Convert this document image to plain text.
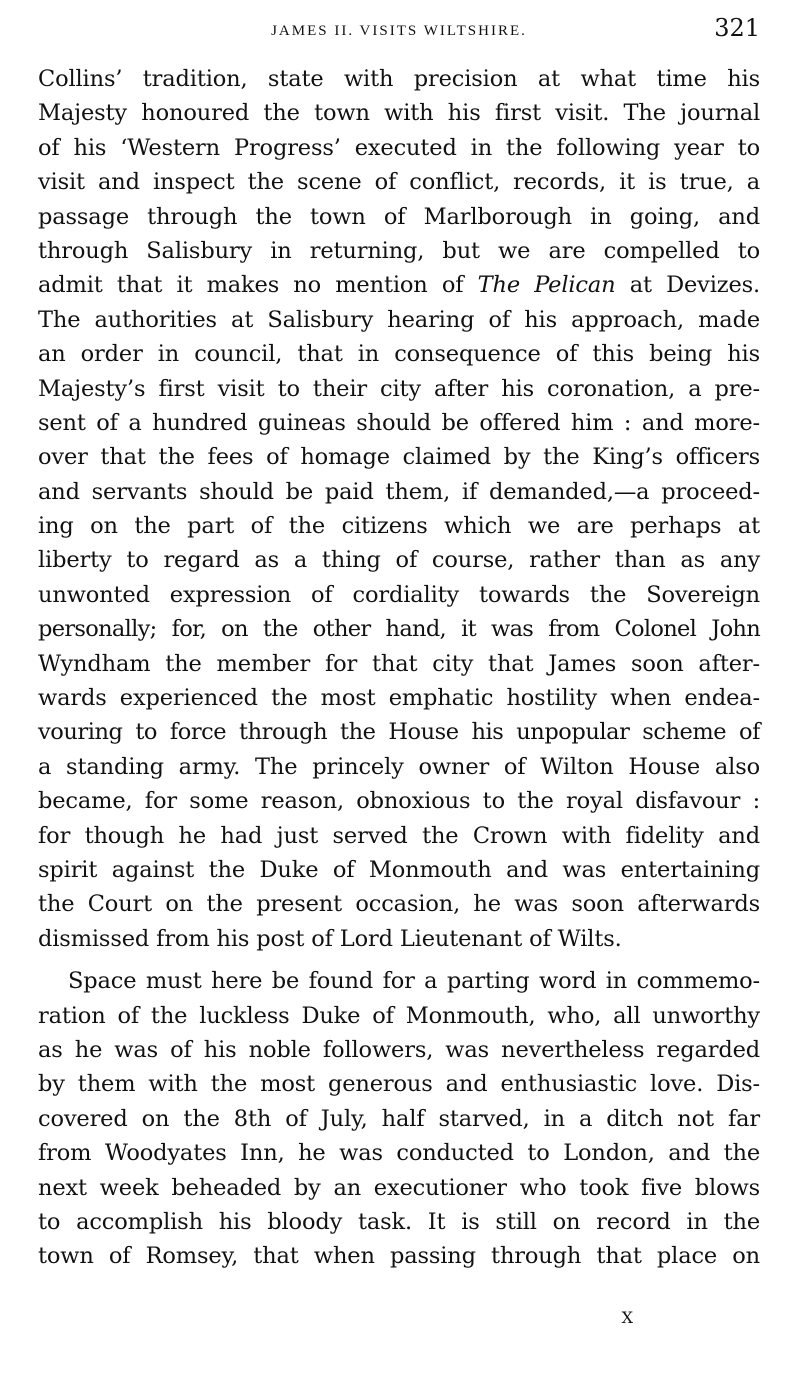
JAMES II. VISITS WILTSHIRE.	321

Collins’ tradition, state with precision at what time his
Majesty honoured the town with his first visit. The journal
of his ‘Western Progress’ executed in the following year to
visit and inspect the scene of conflict, records, it is true, a
passage through the town of Marlborough in going, and
through Salisbury in returning, but we are compelled to
admit that it makes no mention of The Pelican at Devizes.
The authorities at Salisbury hearing of his approach, made
an order in council, that in consequence of this being his
Majesty’s first visit to their city after his coronation, a pre-
sent of a hundred guineas should be offered him : and more-
over that the fees of homage claimed by the King’s officers
and servants should be paid them, if demanded,—a proceed-
ing on the part of the citizens which we are perhaps at
liberty to regard as a thing of course, rather than as any
unwonted expression of cordiality towards the Sovereign
personally; for, on the other hand, it was from Colonel John
Wyndham the member for that city that James soon after-
wards experienced the most emphatic hostility when endea-
vouring to force through the House his unpopular scheme of
a standing army. The princely owner of Wilton House also
became, for some reason, obnoxious to the royal disfavour :
for though he had just served the Crown with fidelity and
spirit against the Duke of Monmouth and was entertaining
the Court on the present occasion, he was soon afterwards
dismissed from his post of Lord Lieutenant of Wilts.

Space must here be found for a parting word in commemo-
ration of the luckless Duke of Monmouth, who, all unworthy
as he was of his noble followers, was nevertheless regarded
by them with the most generous and enthusiastic love. Dis-
covered on the 8th of July, half starved, in a ditch not far
from Woodyates Inn, he was conducted to London, and the
next week beheaded by an executioner who took five blows
to accomplish his bloody task. It is still on record in the
town of Romsey, that when passing through that place on

X
